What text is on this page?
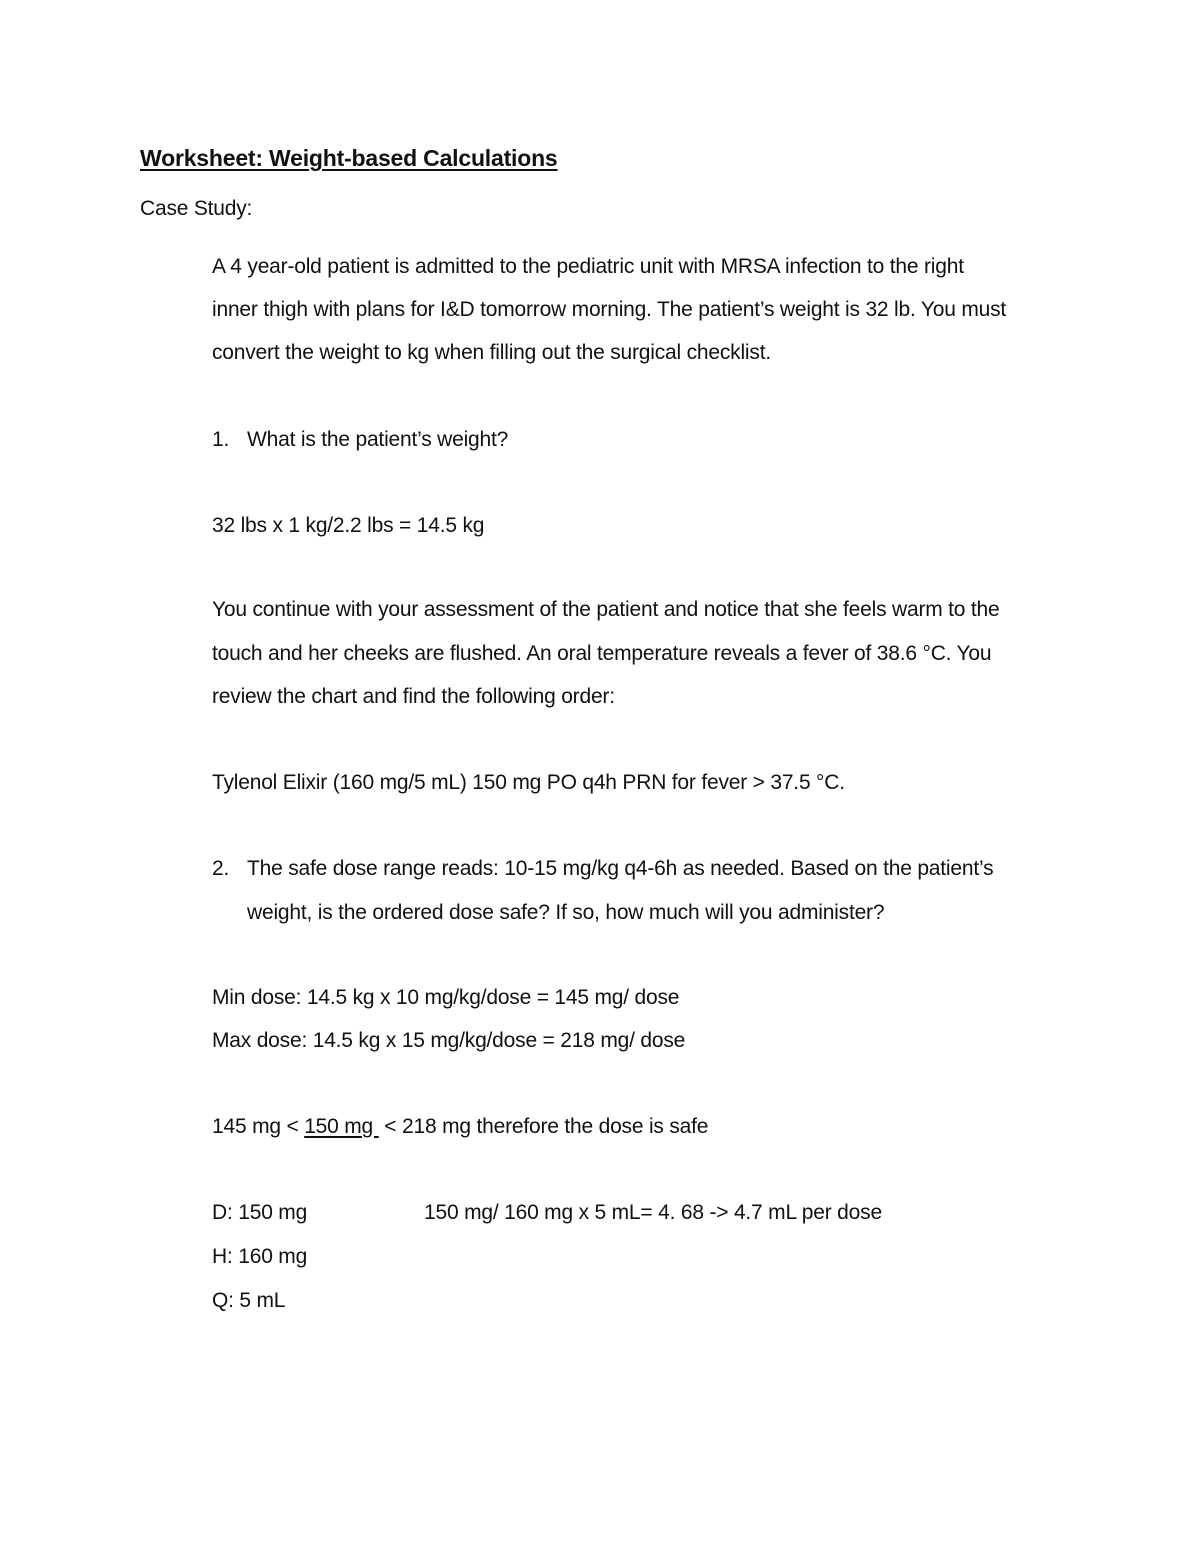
Worksheet: Weight-based Calculations
Case Study:
A 4 year-old patient is admitted to the pediatric unit with MRSA infection to the right
inner thigh with plans for I&D tomorrow morning. The patient’s weight is 32 lb. You must
convert the weight to kg when filling out the surgical checklist.
1. What is the patient’s weight?
32 lbs x 1 kg/2.2 lbs = 14.5 kg
You continue with your assessment of the patient and notice that she feels warm to the
touch and her cheeks are flushed. An oral temperature reveals a fever of 38.6 °C. You
review the chart and find the following order:
Tylenol Elixir (160 mg/5 mL) 150 mg PO q4h PRN for fever > 37.5 °C.
2. The safe dose range reads: 10-15 mg/kg q4-6h as needed. Based on the patient’s
weight, is the ordered dose safe? If so, how much will you administer?
Min dose: 14.5 kg x 10 mg/kg/dose = 145 mg/ dose
Max dose: 14.5 kg x 15 mg/kg/dose = 218 mg/ dose
145 mg < 150 mg  < 218 mg therefore the dose is safe
D: 150 mg	150 mg/ 160 mg x 5 mL= 4. 68 -> 4.7 mL per dose
H: 160 mg
Q: 5 mL
